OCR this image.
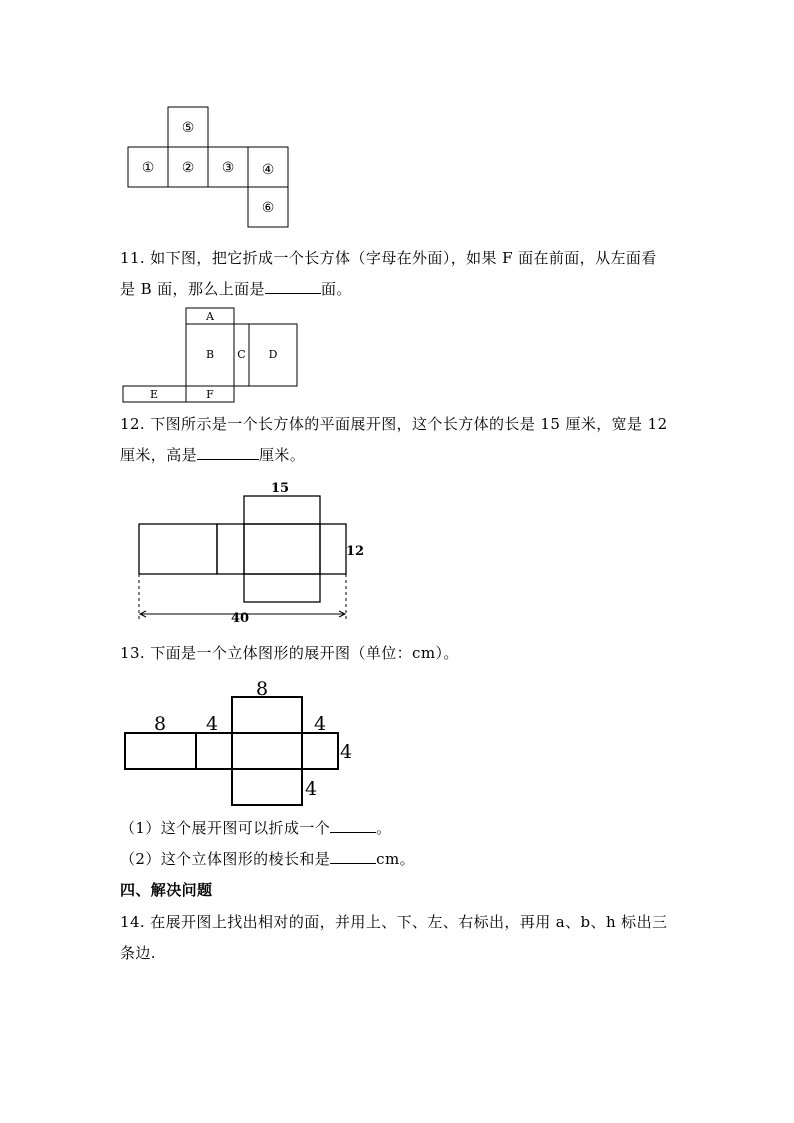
⑤
① ② ③ ④
⑥
11. 如下图，把它折成一个长方体（字母在外面），如果 F 面在前面，从左面看
是 B 面，那么上面是	面。
A
B C D
E	F
12. 下图所示是一个长方体的平面展开图，这个长方体的长是 15 厘米，宽是 12
厘米，高是	厘米。
15
12
40
13. 下面是一个立体图形的展开图（单位：cm）。
8
8 4	4
4
4
（1）这个展开图可以折成一个	。
（2）这个立体图形的棱长和是	cm。
四、解决问题
14. 在展开图上找出相对的面，并用上、下、左、右标出，再用 a、b、h 标出三
条边.
